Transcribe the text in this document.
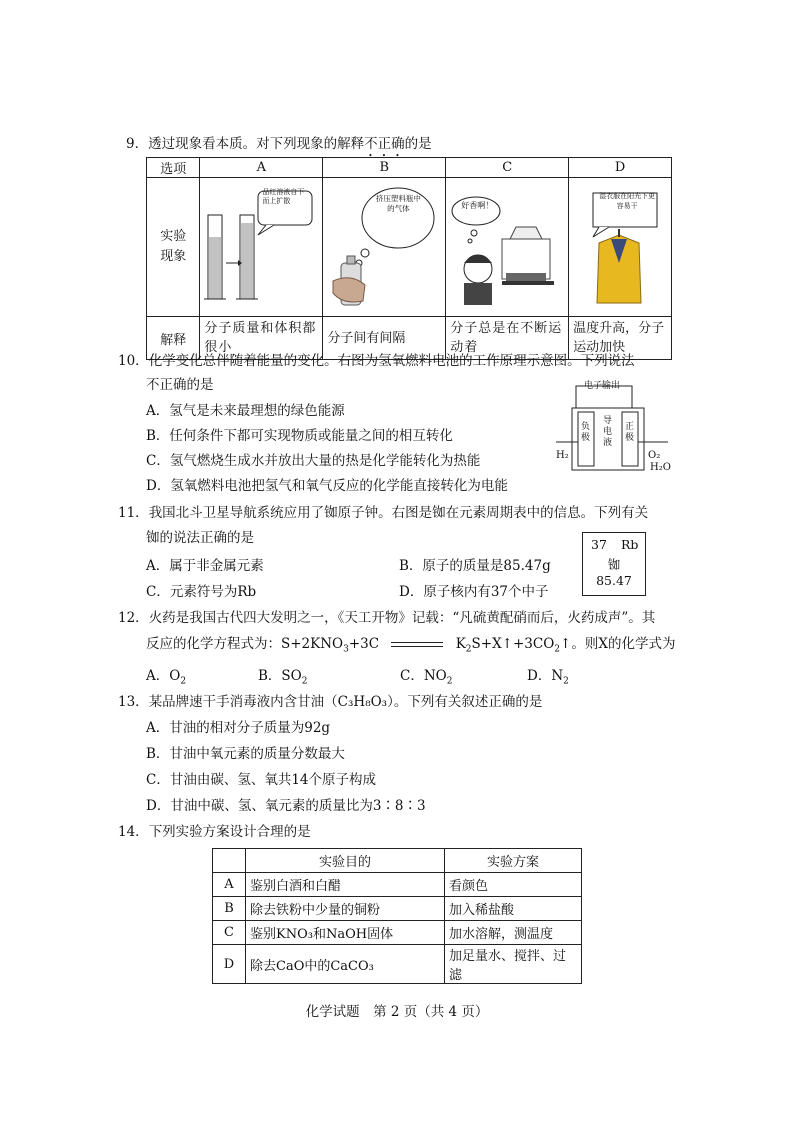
9．透过现象看本质。对下列现象的解释不正确的是
选项	A	B	C	D
实验现象	品红溶液自下而上扩散	挤压塑料瓶中的气体	好香啊！	湿衣服在阳光下更容易干

解释	分子质量和体积都很小	分子间有间隔	分子总是在不断运动着	温度升高，分子运动加快
10．化学变化总伴随着能量的变化。右图为氢氧燃料电池的工作原理示意图。下列说法
不正确的是
A．氢气是未来最理想的绿色能源
B．任何条件下都可实现物质或能量之间的相互转化
C．氢气燃烧生成水并放出大量的热是化学能转化为热能
D．氢氧燃料电池把氢气和氧气反应的化学能直接转化为电能
电子输出
负极
导电液
正极
H₂	O₂
H₂O
11．我国北斗卫星导航系统应用了铷原子钟。右图是铷在元素周期表中的信息。下列有关
铷的说法正确的是
A．属于非金属元素	B．原子的质量是85.47g
C．元素符号为Rb	D．原子核内有37个中子
37 Rb
铷
85.47
12．火药是我国古代四大发明之一，《天工开物》记载：“凡硫黄配硝而后，火药成声”。其
反应的化学方程式为：$S+2KNO_3+3C$	$K_2S+X↑+3CO_2↑$。则X的化学式为
A．$O_2$	B．$SO_2$	C．$NO_2$	D．$N_2$
13．某品牌速干手消毒液内含甘油（C₃H₈O₃）。下列有关叙述正确的是
A．甘油的相对分子质量为92g
B．甘油中氧元素的质量分数最大
C．甘油由碳、氢、氧共14个原子构成
D．甘油中碳、氢、氧元素的质量比为3∶8∶3
14．下列实验方案设计合理的是
	实验目的	实验方案
A	鉴别白酒和白醋	看颜色
B	除去铁粉中少量的铜粉	加入稀盐酸
C	鉴别KNO₃和NaOH固体	加水溶解，测温度
D	除去CaO中的CaCO₃	加足量水、搅拌、过滤
化学试题　第 2 页（共 4 页）
